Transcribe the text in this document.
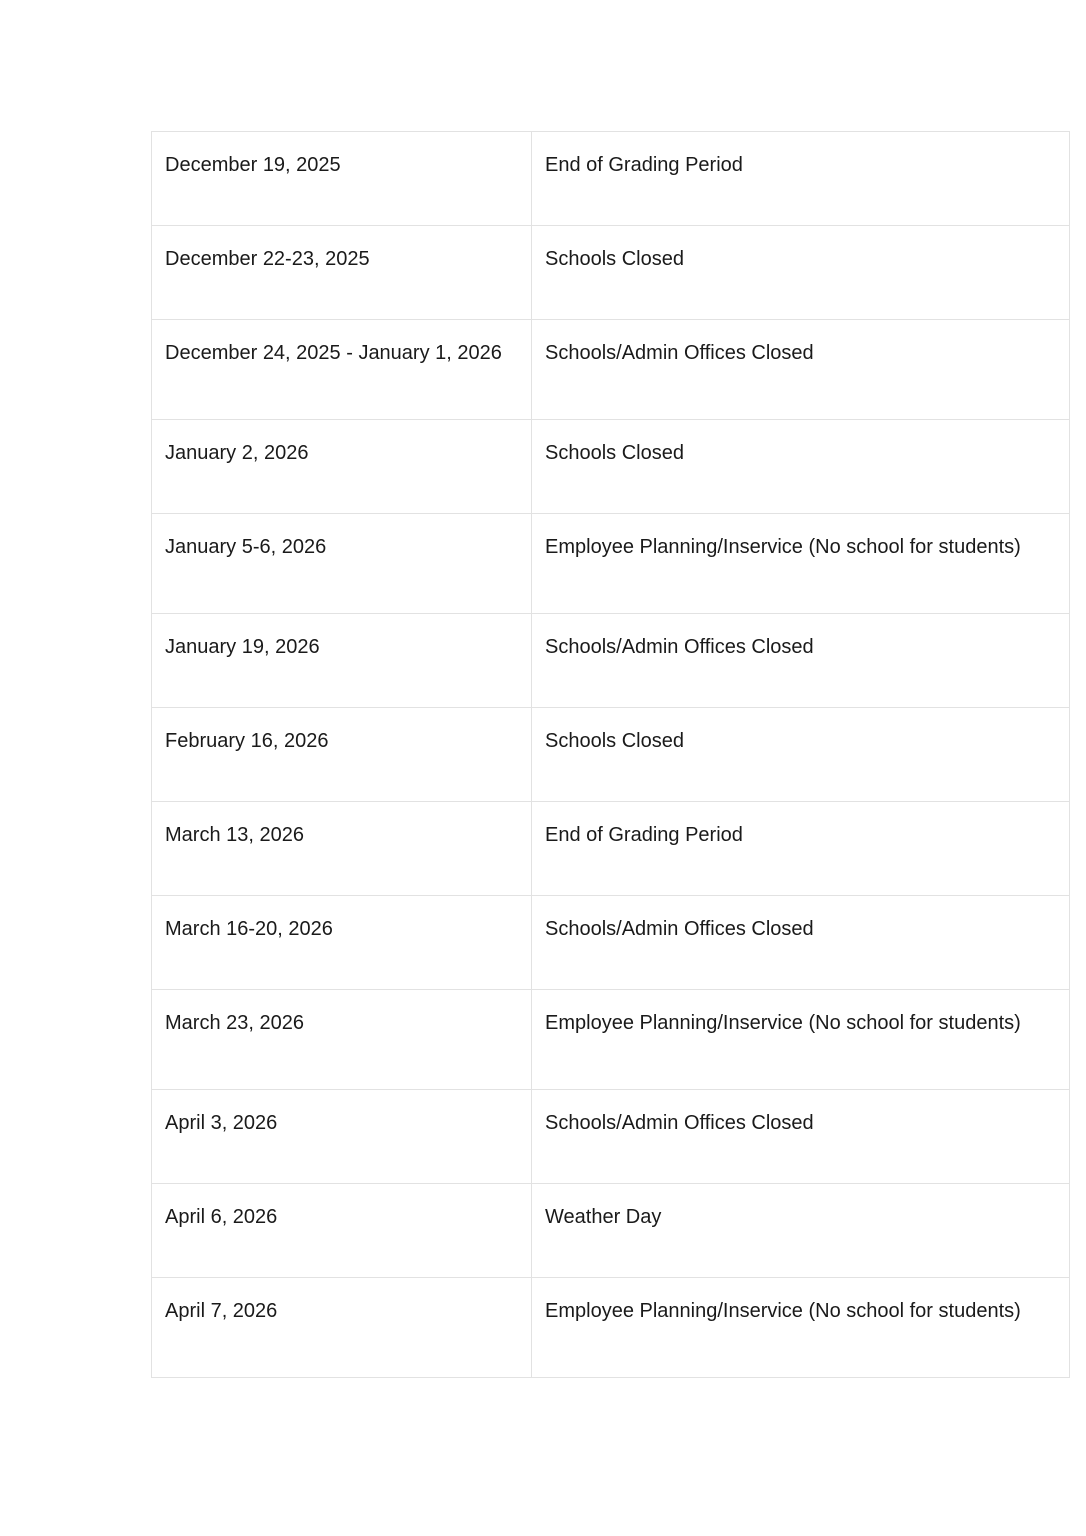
December 19, 2025	End of Grading Period
December 22-23, 2025	Schools Closed
December 24, 2025 - January 1, 2026	Schools/Admin Offices Closed
January 2, 2026	Schools Closed
January 5-6, 2026	Employee Planning/Inservice (No school for students)
January 19, 2026	Schools/Admin Offices Closed
February 16, 2026	Schools Closed
March 13, 2026	End of Grading Period
March 16-20, 2026	Schools/Admin Offices Closed
March 23, 2026	Employee Planning/Inservice (No school for students)
April 3, 2026	Schools/Admin Offices Closed
April 6, 2026	Weather Day
April 7, 2026	Employee Planning/Inservice (No school for students)
